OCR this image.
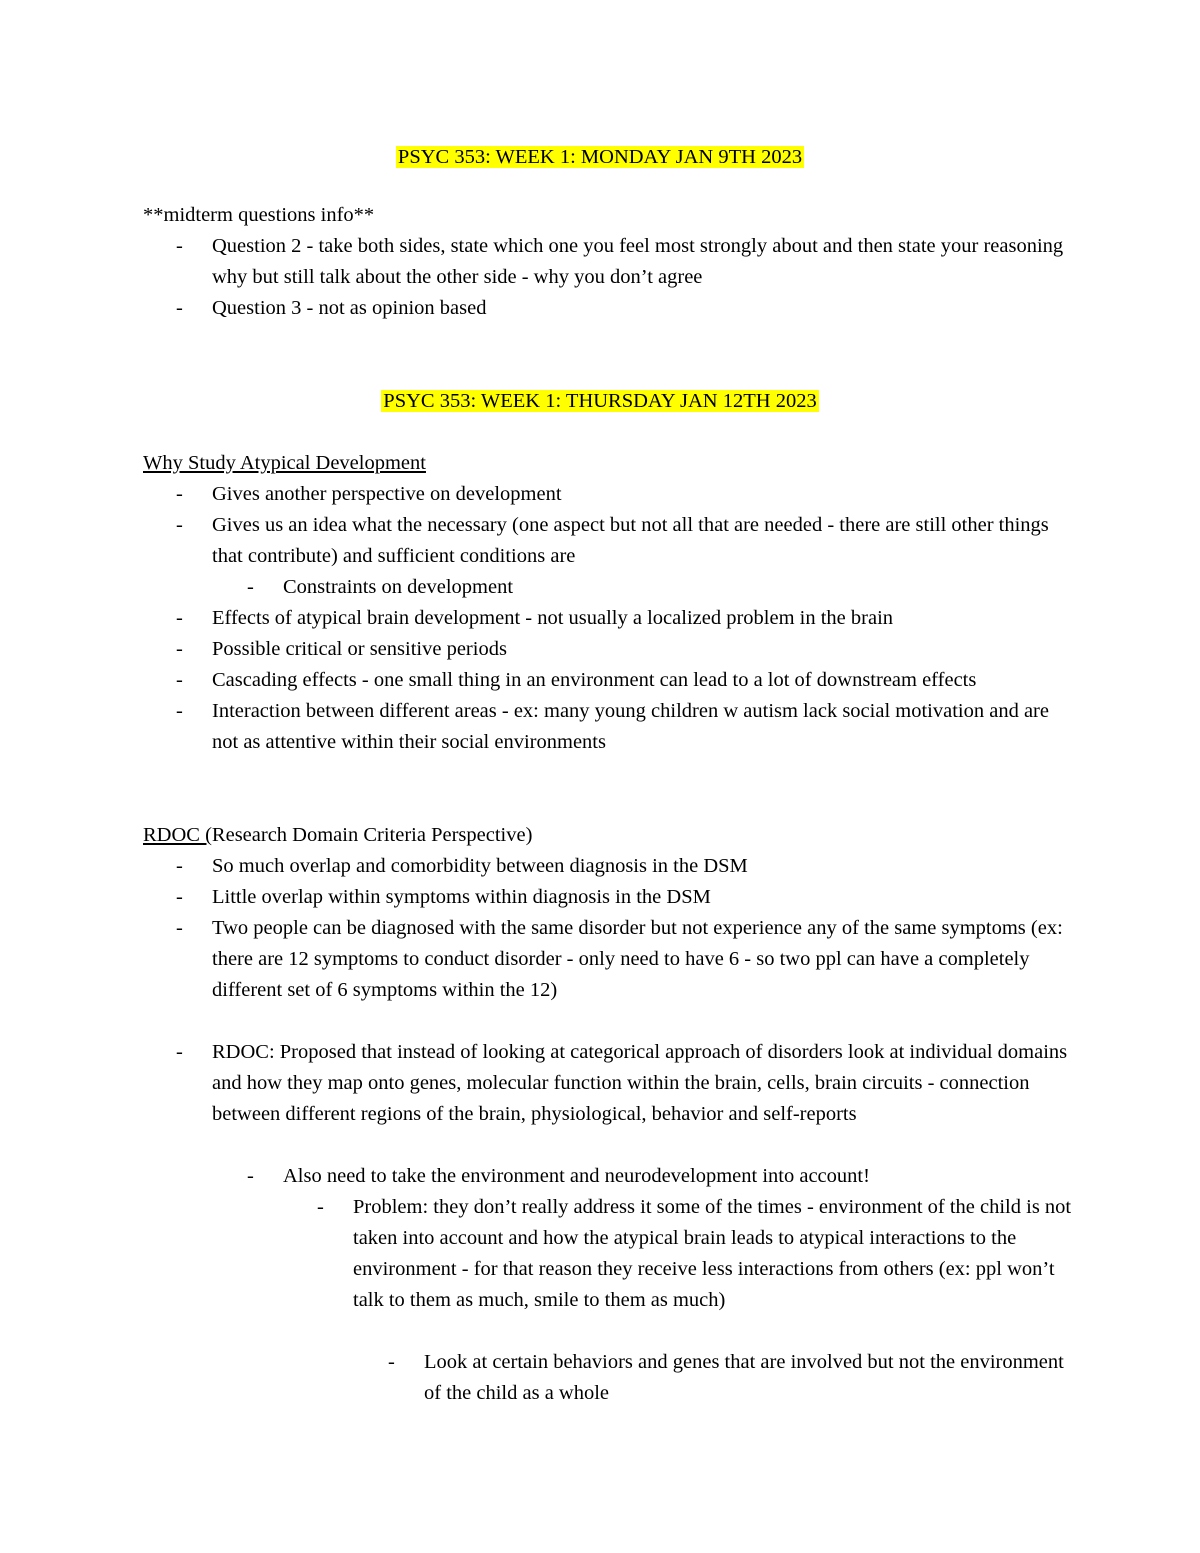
PSYC 353: WEEK 1: MONDAY JAN 9TH 2023
**midterm questions info**
- Question 2 - take both sides, state which one you feel most strongly about and then state your reasoning why but still talk about the other side - why you don’t agree
- Question 3 - not as opinion based
PSYC 353: WEEK 1: THURSDAY JAN 12TH 2023
Why Study Atypical Development
- Gives another perspective on development
- Gives us an idea what the necessary (one aspect but not all that are needed - there are still other things that contribute) and sufficient conditions are
- Constraints on development
- Effects of atypical brain development - not usually a localized problem in the brain
- Possible critical or sensitive periods
- Cascading effects - one small thing in an environment can lead to a lot of downstream effects
- Interaction between different areas - ex: many young children w autism lack social motivation and are not as attentive within their social environments
RDOC (Research Domain Criteria Perspective)
- So much overlap and comorbidity between diagnosis in the DSM
- Little overlap within symptoms within diagnosis in the DSM
- Two people can be diagnosed with the same disorder but not experience any of the same symptoms (ex: there are 12 symptoms to conduct disorder - only need to have 6 - so two ppl can have a completely different set of 6 symptoms within the 12)
- RDOC: Proposed that instead of looking at categorical approach of disorders look at individual domains and how they map onto genes, molecular function within the brain, cells, brain circuits - connection between different regions of the brain, physiological, behavior and self-reports
- Also need to take the environment and neurodevelopment into account!
- Problem: they don’t really address it some of the times - environment of the child is not taken into account and how the atypical brain leads to atypical interactions to the environment - for that reason they receive less interactions from others (ex: ppl won’t talk to them as much, smile to them as much)
- Look at certain behaviors and genes that are involved but not the environment of the child as a whole
